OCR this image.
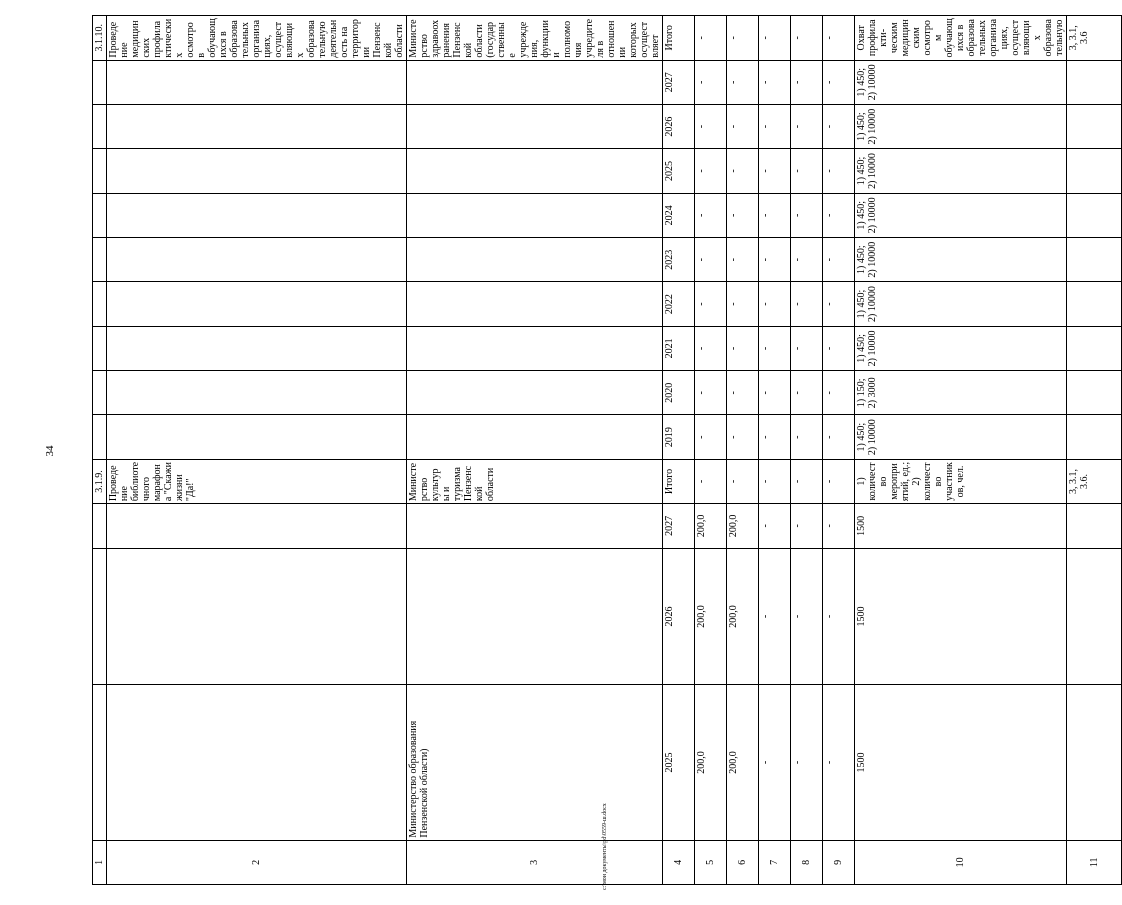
34
1				3.1.9.										3.1.10.
2				Проведение библиотечного марафона "Скажи жизни "Да!"										Проведение медицинских профилактических осмотров обучающихся в образовательных организациях, осуществляющих образовательную деятельность на территории Пензенской области
3	Министерство образования Пензенской области)			Министерство культуры и туризма Пензенской области										Министерство здравоохранения Пензенской области (государственные учреждения, функции и полномочия учредителя в отношении которых осуществляет
4	2025	2026	2027	Итого	2019	2020	2021	2022	2023	2024	2025	2026	2027	Итого
5	200,0	200,0	200,0	-	-	-	-	-	-	-	-	-	-	-
6	200,0	200,0	200,0	-	-	-	-	-	-	-	-	-	-	-
7	-	-	-	-	-	-	-	-	-	-	-	-	-	-
8	-	-	-	-	-	-	-	-	-	-	-	-	-	-
9	-	-	-	-	-	-	-	-	-	-	-	-	-	-
10	1500	1500	1500	1) количество мероприятий, ед.; 2) количество участников, чел.	1) 450; 2) 10000	1) 150; 2) 3000	1) 450; 2) 10000	1) 450; 2) 10000	1) 450; 2) 10000	1) 450; 2) 10000	1) 450; 2) 10000	1) 450; 2) 10000	1) 450; 2) 10000	Охват профилакти-ческим медицинским осмотром обучающихся в образовательных организациях, осуществляющих образовательную
11				3, 3.1, 3.6.										3, 3.1, 3.6
c:\мои документы\pd\0559-ш.docx
